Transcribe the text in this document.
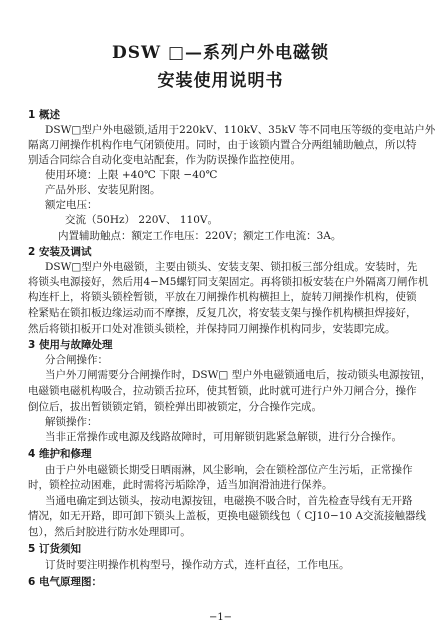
DSW □—系列户外电磁锁
安装使用说明书
1 概述
DSW□型户外电磁锁,适用于220kV、110kV、35kV 等不同电压等级的变电站户外
隔离刀闸操作机构作电气闭锁使用。同时，由于该锁内置合分两组辅助触点，所以特
别适合同综合自动化变电站配套，作为防误操作监控使用。
使用环境：上限 +40℃ 下限 −40℃
产品外形、安装见附图。
额定电压：
交流（50Hz） 220V、 110V。
内置辅助触点：额定工作电压：220V；额定工作电流：3A。
2 安装及调试
DSW□型户外电磁锁，主要由锁头、安装支架、锁扣板三部分组成。安装时，先
将锁头电源接好，然后用4−M5螺钉同支架固定。再将锁扣板安装在户外隔离刀闸作机
构连杆上，将锁头锁栓暂锁，平放在刀闸操作机构横担上，旋转刀闸操作机构，使锁
栓紧贴在锁扣板边缘运动而不摩擦，反复几次，将安装支架与操作机构横担焊接好，
然后将锁扣板开口处对准锁头锁栓，并保持同刀闸操作机构同步，安装即完成。
3 使用与故障处理
分合闸操作：
当户外刀闸需要分合闸操作时，DSW□ 型户外电磁锁通电后，按动锁头电源按钮，
电磁锁电磁机构吸合，拉动锁舌拉环，使其暂锁，此时就可进行户外刀闸合分，操作
倒位后，拔出暂锁锁定销，锁栓弹出即被锁定，分合操作完成。
解锁操作：
当非正常操作或电源及线路故障时，可用解锁钥匙紧急解锁，进行分合操作。
4 维护和修理
由于户外电磁锁长期受日晒雨淋，风尘影响，会在锁栓部位产生污垢，正常操作
时，锁栓拉动困难，此时需将污垢除净，适当加润滑油进行保养。
当通电确定到达锁头，按动电源按钮，电磁换不吸合时，首先检查导线有无开路
情况，如无开路，即可卸下锁头上盖板，更换电磁锁线包（ CJ10−10 A交流接触器线
包），然后封胶进行防水处理即可。
5 订货须知
订货时要注明操作机构型号，操作动方式，连杆直径，工作电压。
6 电气原理图：
−1−
